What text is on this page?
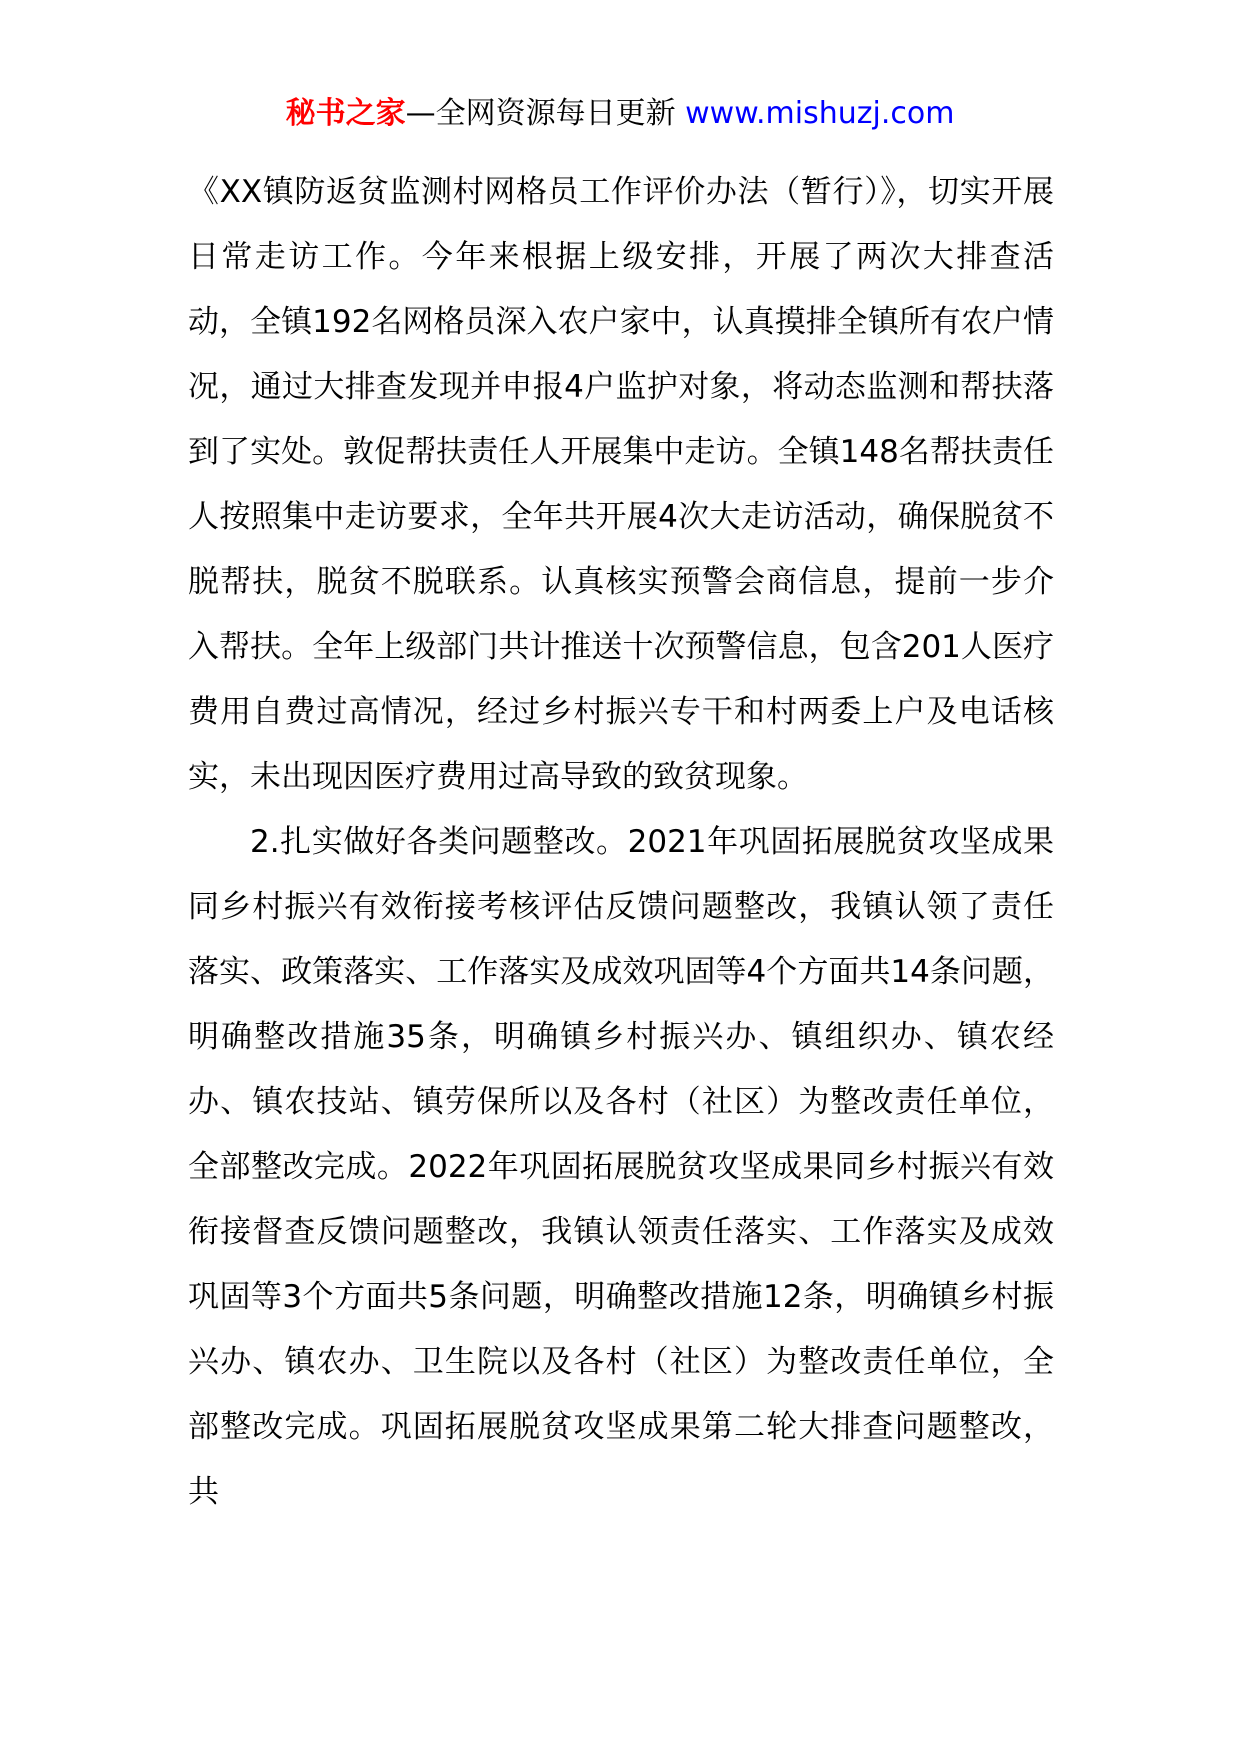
秘书之家—全网资源每日更新 www.mishuzj.com

《XX镇防返贫监测村网格员工作评价办法（暂行）》，切实开展日常走访工作。今年来根据上级安排，开展了两次大排查活动，全镇192名网格员深入农户家中，认真摸排全镇所有农户情况，通过大排查发现并申报4户监护对象，将动态监测和帮扶落到了实处。敦促帮扶责任人开展集中走访。全镇148名帮扶责任人按照集中走访要求，全年共开展4次大走访活动，确保脱贫不脱帮扶，脱贫不脱联系。认真核实预警会商信息，提前一步介入帮扶。全年上级部门共计推送十次预警信息，包含201人医疗费用自费过高情况，经过乡村振兴专干和村两委上户及电话核实，未出现因医疗费用过高导致的致贫现象。

2.扎实做好各类问题整改。2021年巩固拓展脱贫攻坚成果同乡村振兴有效衔接考核评估反馈问题整改，我镇认领了责任落实、政策落实、工作落实及成效巩固等4个方面共14条问题，明确整改措施35条，明确镇乡村振兴办、镇组织办、镇农经办、镇农技站、镇劳保所以及各村（社区）为整改责任单位，全部整改完成。2022年巩固拓展脱贫攻坚成果同乡村振兴有效衔接督查反馈问题整改，我镇认领责任落实、工作落实及成效巩固等3个方面共5条问题，明确整改措施12条，明确镇乡村振兴办、镇农办、卫生院以及各村（社区）为整改责任单位，全部整改完成。巩固拓展脱贫攻坚成果第二轮大排查问题整改，共
